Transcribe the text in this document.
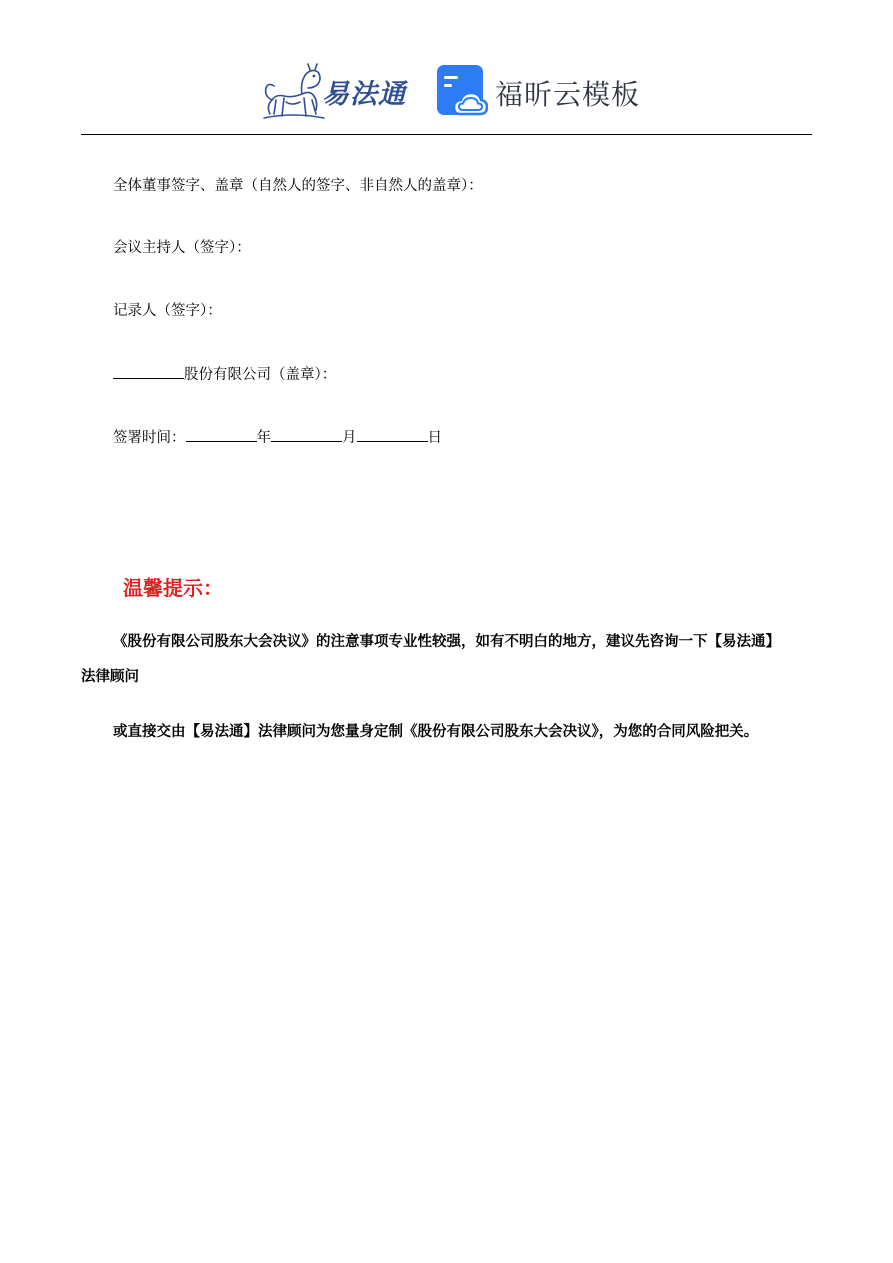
易法通	福昕云模板
全体董事签字、盖章（自然人的签字、非自然人的盖章）：
会议主持人（签字）：
记录人（签字）：
股份有限公司（盖章）：
签署时间：	年	月	日
温馨提示：
《股份有限公司股东大会决议》的注意事项专业性较强，如有不明白的地方，建议先咨询一下【易法通】
法律顾问
或直接交由【易法通】法律顾问为您量身定制《股份有限公司股东大会决议》，为您的合同风险把关。
